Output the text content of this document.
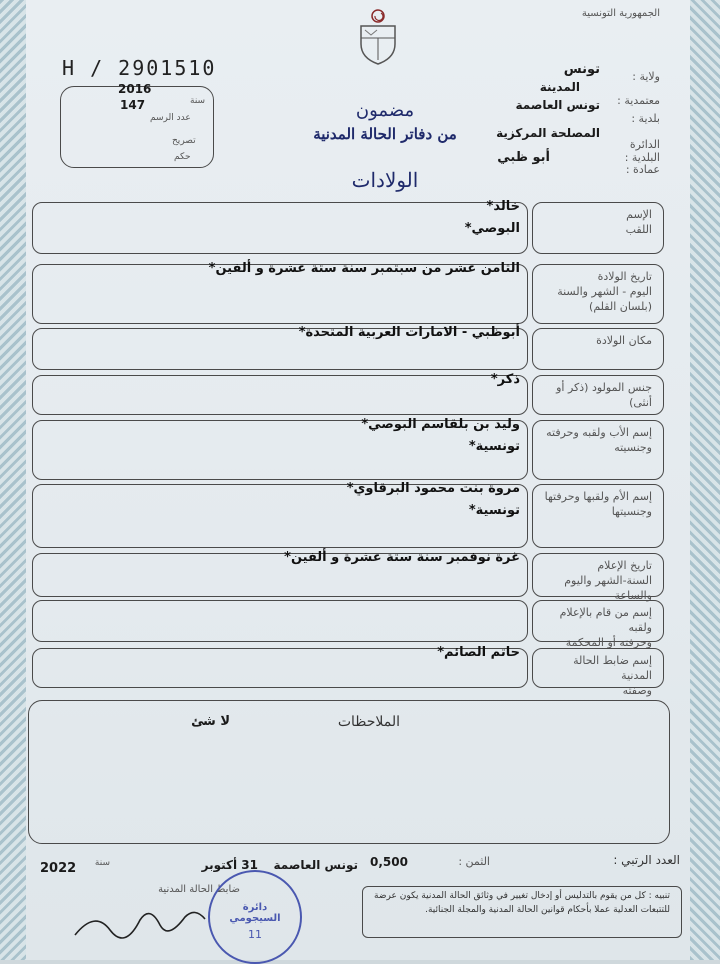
الجمهورية التونسية
H / 2901510
2016
سنة
147
عدد الرسم
تصريح
حكم
ولاية :
تونس
المدينة
معتمدية :
تونس العاصمة
بلدية :
المصلحة المركزية
الدائرة البلدية :
أبو ظبي
عمادة :
مضمون
من دفاتر الحالة المدنية
الولادات
الإسم
اللقب
خالد*
البوصي*
تاريخ الولادة
اليوم - الشهر والسنة
(بلسان القلم)
الثامن عشر من سبتمبر سنة ستة عشرة و ألفين*
مكان الولادة
أبوظبي - الامارات العربية المتحدة*
جنس المولود (ذكر أو أنثى)
ذكر*
إسم الأب ولقبه وحرفته
وجنسيته
وليد بن بلقاسم البوصي*
تونسية*
إسم الأم ولقبها وحرفتها
وجنسيتها
مروة بنت محمود البرقاوي*
تونسية*
تاريخ الإعلام
السنة-الشهر واليوم والساعة
غرة نوفمبر سنة ستة عشرة و ألفين*
إسم من قام بالإعلام ولقبه
وحرفته أو المحكمة
إسم ضابط الحالة المدنية
وصفته
حاتم الصائم*
الملاحظات
لا شئ
العدد الرتبي :
الثمن :
0,500
تونس العاصمة
31 أكتوبر
سنة
2022
ضابط الحالة المدنية
تنبيه : كل من يقوم بالتدليس أو إدخال تغيير في وثائق الحالة المدنية يكون عرضة للتتبعات العدلية عملا بأحكام قوانين الحالة المدنية والمجلة الجنائية.
دائرة السيجومي
11
